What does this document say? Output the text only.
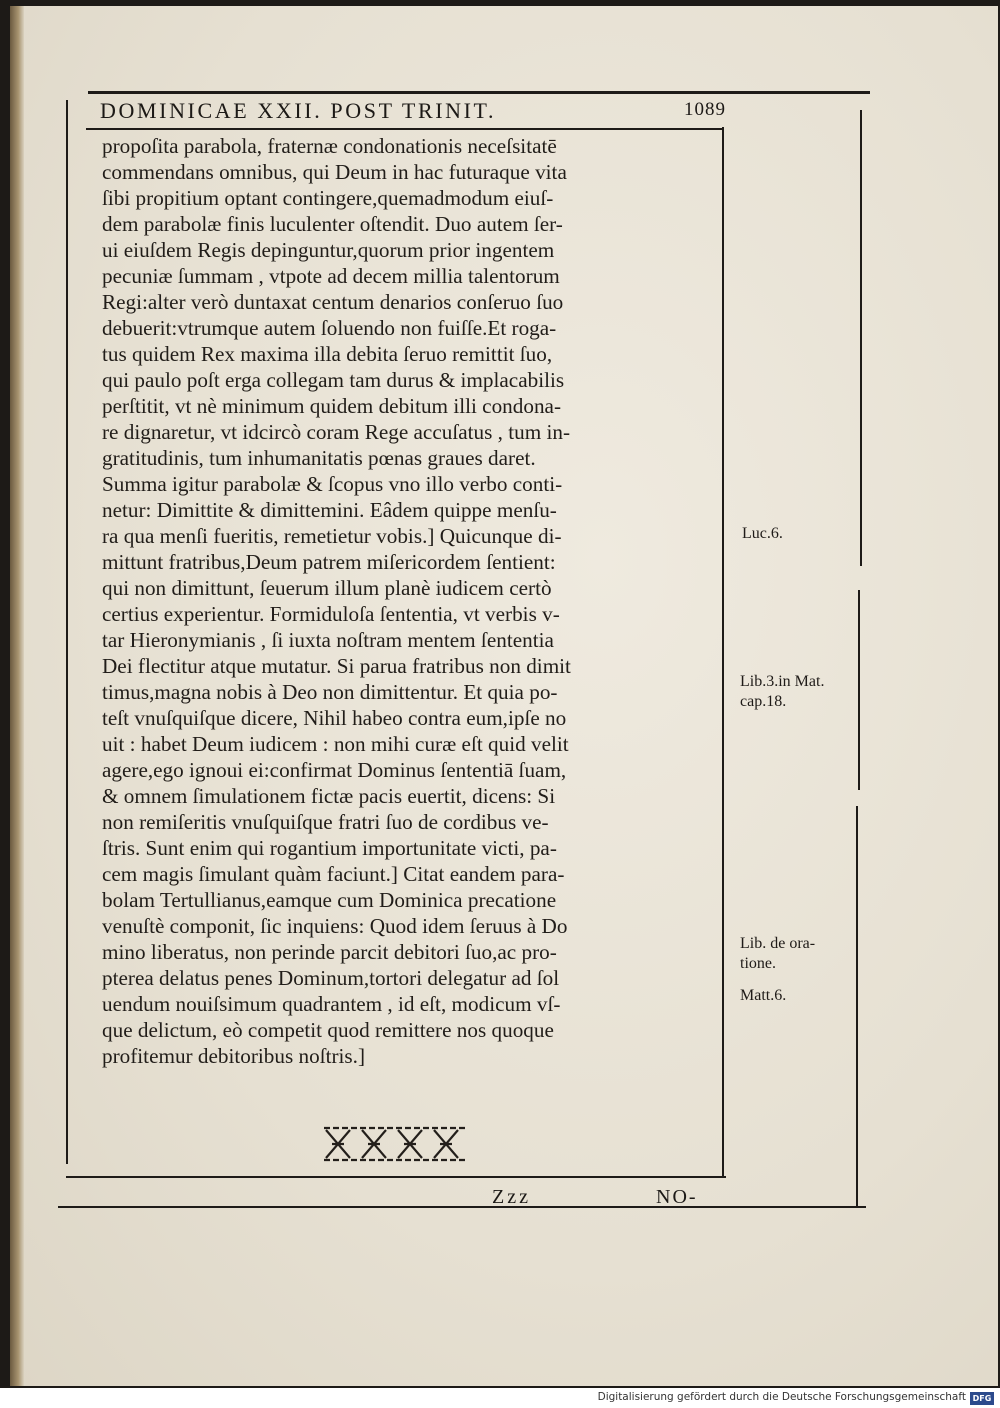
DOMINICAE XXII. POST TRINIT.	1089
propoſita parabola, fraternæ condonationis neceſsitatē
commendans omnibus, qui Deum in hac futuraque vita
ſibi propitium optant contingere,quemadmodum eiuſ-
dem parabolæ finis luculenter oſtendit. Duo autem ſer-
ui eiuſdem Regis depinguntur,quorum prior ingentem
pecuniæ ſummam , vtpote ad decem millia talentorum
Regi:alter verò duntaxat centum denarios conſeruo ſuo
debuerit:vtrumque autem ſoluendo non fuiſſe.Et roga-
tus quidem Rex maxima illa debita ſeruo remittit ſuo,
qui paulo poſt erga collegam tam durus & implacabilis
perſtitit, vt nè minimum quidem debitum illi condona-
re dignaretur, vt idcircò coram Rege accuſatus , tum in-
gratitudinis, tum inhumanitatis pœnas graues daret.
Summa igitur parabolæ & ſcopus vno illo verbo conti-
netur: Dimittite & dimittemini. Eâdem quippe menſu-
ra qua menſi fueritis, remetietur vobis.] Quicunque di-
mittunt fratribus,Deum patrem miſericordem ſentient:
qui non dimittunt, ſeuerum illum planè iudicem certò
certius experientur. Formiduloſa ſententia, vt verbis v-
tar Hieronymianis , ſi iuxta noſtram mentem ſententia
Dei flectitur atque mutatur. Si parua fratribus non dimit
timus,magna nobis à Deo non dimittentur. Et quia po-
teſt vnuſquiſque dicere, Nihil habeo contra eum,ipſe no
uit : habet Deum iudicem : non mihi curæ eſt quid velit
agere,ego ignoui ei:confirmat Dominus ſententiā ſuam,
& omnem ſimulationem fictæ pacis euertit, dicens: Si
non remiſeritis vnuſquiſque fratri ſuo de cordibus ve-
ſtris. Sunt enim qui rogantium importunitate victi, pa-
cem magis ſimulant quàm faciunt.] Citat eandem para-
bolam Tertullianus,eamque cum Dominica precatione
venuſtè componit, ſic inquiens: Quod idem ſeruus à Do
mino liberatus, non perinde parcit debitori ſuo,ac pro-
pterea delatus penes Dominum,tortori delegatur ad ſol
uendum nouiſsimum quadrantem , id eſt, modicum vſ-
que delictum, eò competit quod remittere nos quoque
profitemur debitoribus noſtris.]
Luc.6.
Lib.3.in Mat.
cap.18.
Lib. de ora-
tione.
Matt.6.
Zzz	NO-
Digitalisierung gefördert durch die Deutsche Forschungsgemeinschaft DFG
